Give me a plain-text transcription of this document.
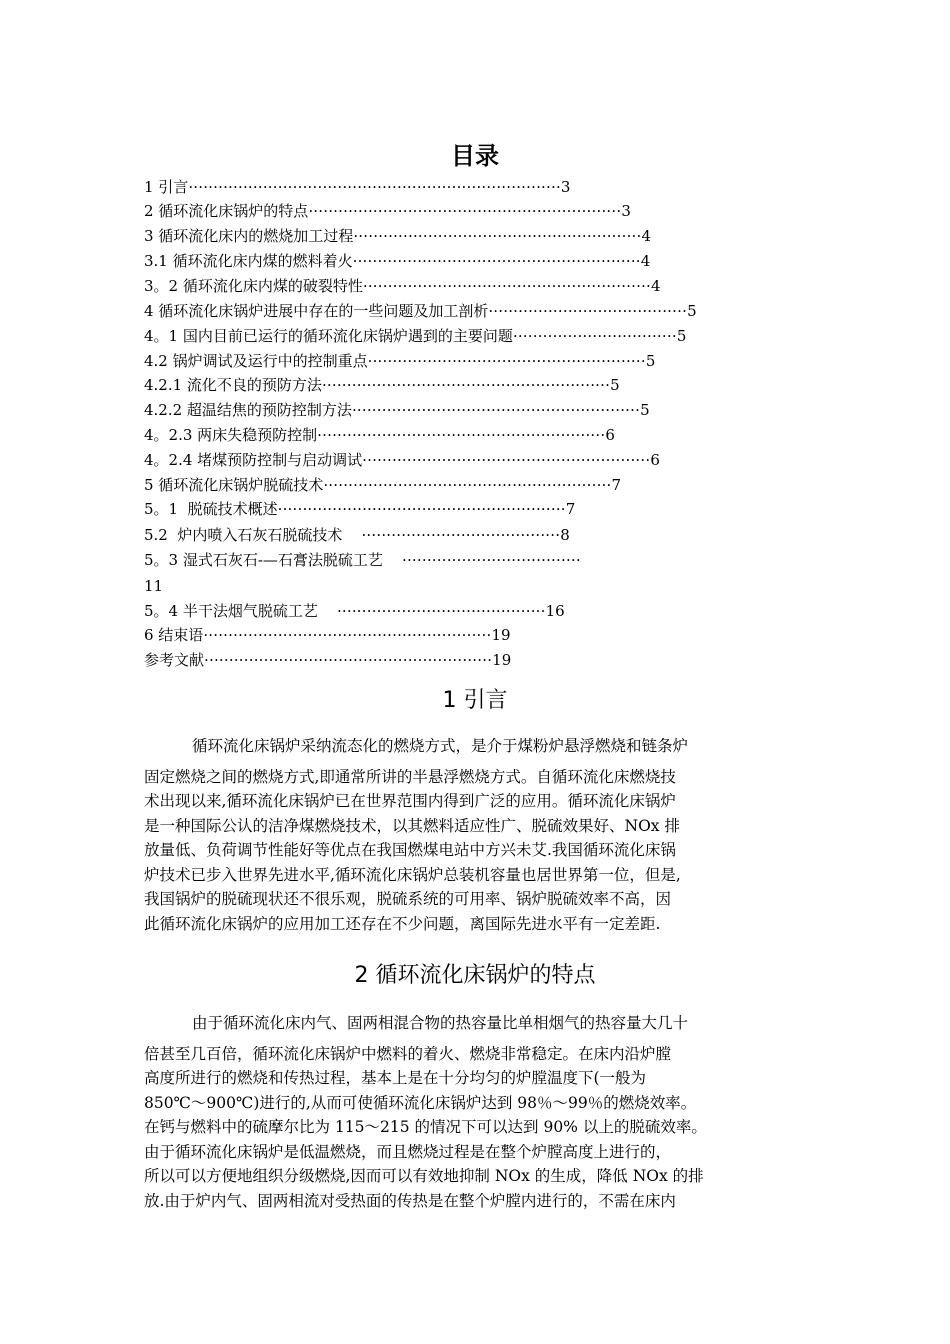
目录
1 引言···········································································3
2 循环流化床锅炉的特点·······························································3
3 循环流化床内的燃烧加工过程··························································4
3.1 循环流化床内煤的燃料着火··························································4
3。2 循环流化床内煤的破裂特性··························································4
4 循环流化床锅炉进展中存在的一些问题及加工剖析········································5
4。1 国内目前已运行的循环流化床锅炉遇到的主要问题·································5
4.2 锅炉调试及运行中的控制重点························································5
4.2.1 流化不良的预防方法··························································5
4.2.2 超温结焦的预防控制方法··························································5
4。2.3 两床失稳预防控制··························································6
4。2.4 堵煤预防控制与启动调试··························································6
5 循环流化床锅炉脱硫技术··························································7
5。1  脱硫技术概述··························································7
5.2  炉内喷入石灰石脱硫技术    ········································8
5。3 湿式石灰石-—石膏法脱硫工艺    ····································
11
5。4 半干法烟气脱硫工艺    ··········································16
6 结束语··························································19
参考文献··························································19
1 引言
循环流化床锅炉采纳流态化的燃烧方式，是介于煤粉炉悬浮燃烧和链条炉
固定燃烧之间的燃烧方式,即通常所讲的半悬浮燃烧方式。自循环流化床燃烧技
术出现以来,循环流化床锅炉已在世界范围内得到广泛的应用。循环流化床锅炉
是一种国际公认的洁净煤燃烧技术，以其燃料适应性广、脱硫效果好、NOx 排
放量低、负荷调节性能好等优点在我国燃煤电站中方兴未艾.我国循环流化床锅
炉技术已步入世界先进水平,循环流化床锅炉总装机容量也居世界第一位，但是,
我国锅炉的脱硫现状还不很乐观，脱硫系统的可用率、锅炉脱硫效率不高，因
此循环流化床锅炉的应用加工还存在不少问题，离国际先进水平有一定差距.
2 循环流化床锅炉的特点
由于循环流化床内气、固两相混合物的热容量比单相烟气的热容量大几十
倍甚至几百倍，循环流化床锅炉中燃料的着火、燃烧非常稳定。在床内沿炉膛
高度所进行的燃烧和传热过程，基本上是在十分均匀的炉膛温度下(一般为
850℃～900℃)进行的,从而可使循环流化床锅炉达到 98％～99％的燃烧效率。
在钙与燃料中的硫摩尔比为 115～215 的情况下可以达到 90% 以上的脱硫效率。
由于循环流化床锅炉是低温燃烧，而且燃烧过程是在整个炉膛高度上进行的，
所以可以方便地组织分级燃烧,因而可以有效地抑制 NOx 的生成，降低 NOx 的排
放.由于炉内气、固两相流对受热面的传热是在整个炉膛内进行的，不需在床内
